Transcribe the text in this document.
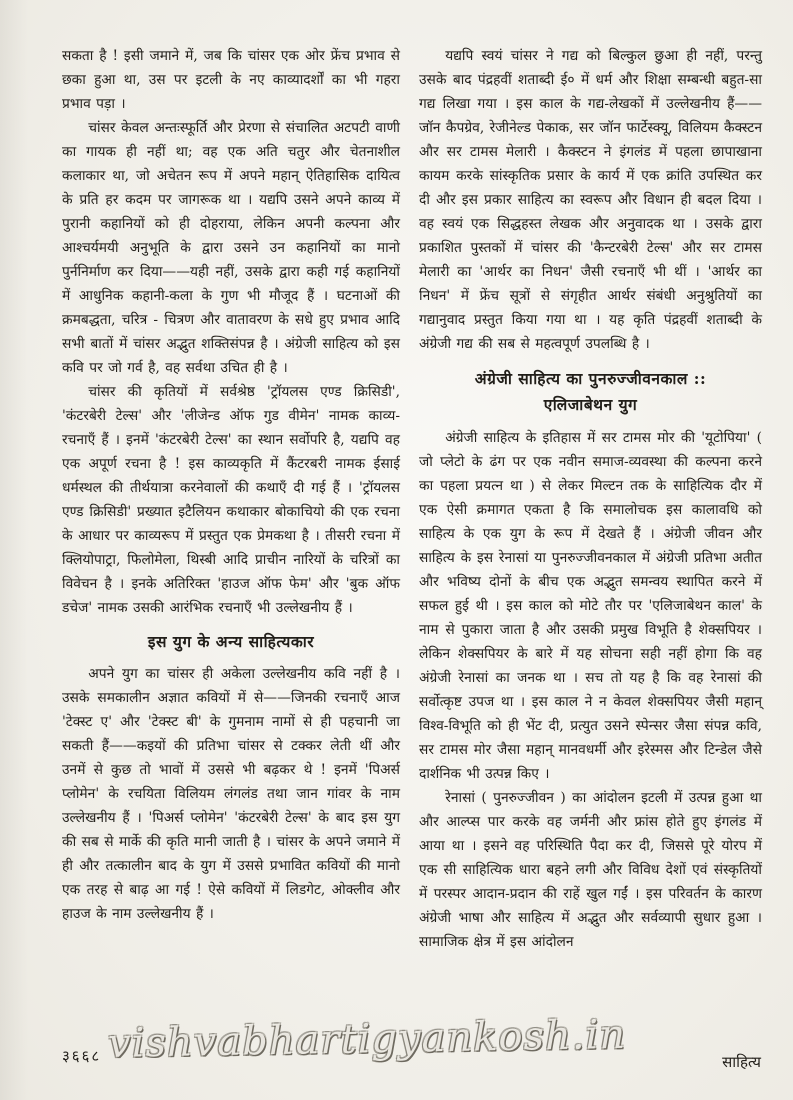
सकता है ! इसी जमाने में, जब कि चांसर एक ओर फ्रेंच प्रभाव से छका हुआ था, उस पर इटली के नए काव्यादर्शों का भी गहरा प्रभाव पड़ा ।

चांसर केवल अन्तःस्फूर्ति और प्रेरणा से संचालित अटपटी वाणी का गायक ही नहीं था; वह एक अति चतुर और चेतनाशील कलाकार था, जो अचेतन रूप में अपने महान् ऐतिहासिक दायित्व के प्रति हर कदम पर जागरूक था । यद्यपि उसने अपने काव्य में पुरानी कहानियों को ही दोहराया, लेकिन अपनी कल्पना और आश्चर्यमयी अनुभूति के द्वारा उसने उन कहानियों का मानो पुर्ननिर्माण कर दिया——यही नहीं, उसके द्वारा कही गई कहानियों में आधुनिक कहानी-कला के गुण भी मौजूद हैं । घटनाओं की क्रमबद्धता, चरित्र - चित्रण और वातावरण के सधे हुए प्रभाव आदि सभी बातों में चांसर अद्भुत शक्तिसंपन्न है । अंग्रेजी साहित्य को इस कवि पर जो गर्व है, वह सर्वथा उचित ही है ।

चांसर की कृतियों में सर्वश्रेष्ठ 'ट्रॉयलस एण्ड क्रिसिडी', 'कंटरबेरी टेल्स' और 'लीजेन्ड ऑफ गुड वीमेन' नामक काव्य-रचनाएँ हैं । इनमें 'कंटरबेरी टेल्स' का स्थान सर्वोपरि है, यद्यपि वह एक अपूर्ण रचना है ! इस काव्यकृति में कैंटरबरी नामक ईसाई धर्मस्थल की तीर्थयात्रा करनेवालों की कथाएँ दी गई हैं । 'ट्रॉयलस एण्ड क्रिसिडी' प्रख्यात इटैलियन कथाकार बोकाचियो की एक रचना के आधार पर काव्यरूप में प्रस्तुत एक प्रेमकथा है । तीसरी रचना में क्लियोपाट्रा, फिलोमेला, थिस्बी आदि प्राचीन नारियों के चरित्रों का विवेचन है । इनके अतिरिक्त 'हाउज ऑफ फेम' और 'बुक ऑफ डचेज' नामक उसकी आरंभिक रचनाएँ भी उल्लेखनीय हैं ।

इस युग के अन्य साहित्यकार

अपने युग का चांसर ही अकेला उल्लेखनीय कवि नहीं है । उसके समकालीन अज्ञात कवियों में से——जिनकी रचनाएँ आज 'टेक्स्ट ए' और 'टेक्स्ट बी' के गुमनाम नामों से ही पहचानी जा सकती हैं——कइयों की प्रतिभा चांसर से टक्कर लेती थीं और उनमें से कुछ तो भावों में उससे भी बढ़कर थे ! इनमें 'पिअर्स प्लोमेन' के रचयिता विलियम लंगलंड तथा जान गांवर के नाम उल्लेखनीय हैं । 'पिअर्स प्लोमेन' 'कंटरबेरी टेल्स' के बाद इस युग की सब से मार्के की कृति मानी जाती है । चांसर के अपने जमाने में ही और तत्कालीन बाद के युग में उससे प्रभावित कवियों की मानो एक तरह से बाढ़ आ गई ! ऐसे कवियों में लिडगेट, ओक्लीव और हाउज के नाम उल्लेखनीय हैं ।

यद्यपि स्वयं चांसर ने गद्य को बिल्कुल छुआ ही नहीं, परन्तु उसके बाद पंद्रहवीं शताब्दी ई० में धर्म और शिक्षा सम्बन्धी बहुत-सा गद्य लिखा गया । इस काल के गद्य-लेखकों में उल्लेखनीय हैं——जॉन कैपग्रेव, रेजीनेल्ड पेकाक, सर जॉन फार्टेस्क्यू, विलियम कैक्स्टन और सर टामस मेलारी । कैक्स्टन ने इंगलंड में पहला छापाखाना कायम करके सांस्कृतिक प्रसार के कार्य में एक क्रांति उपस्थित कर दी और इस प्रकार साहित्य का स्वरूप और विधान ही बदल दिया । वह स्वयं एक सिद्धहस्त लेखक और अनुवादक था । उसके द्वारा प्रकाशित पुस्तकों में चांसर की 'कैन्टरबेरी टेल्स' और सर टामस मेलारी का 'आर्थर का निधन' जैसी रचनाएँ भी थीं । 'आर्थर का निधन' में फ्रेंच सूत्रों से संगृहीत आर्थर संबंधी अनुश्रुतियों का गद्यानुवाद प्रस्तुत किया गया था । यह कृति पंद्रहवीं शताब्दी के अंग्रेजी गद्य की सब से महत्वपूर्ण उपलब्धि है ।

अंग्रेजी साहित्य का पुनरुज्जीवनकाल ::
एलिजाबेथन युग

अंग्रेजी साहित्य के इतिहास में सर टामस मोर की 'यूटोपिया' ( जो प्लेटो के ढंग पर एक नवीन समाज-व्यवस्था की कल्पना करने का पहला प्रयत्न था ) से लेकर मिल्टन तक के साहित्यिक दौर में एक ऐसी क्रमागत एकता है कि समालोचक इस कालावधि को साहित्य के एक युग के रूप में देखते हैं । अंग्रेजी जीवन और साहित्य के इस रेनासां या पुनरुज्जीवनकाल में अंग्रेजी प्रतिभा अतीत और भविष्य दोनों के बीच एक अद्भुत समन्वय स्थापित करने में सफल हुई थी । इस काल को मोटे तौर पर 'एलिजाबेथन काल' के नाम से पुकारा जाता है और उसकी प्रमुख विभूति है शेक्सपियर । लेकिन शेक्सपियर के बारे में यह सोचना सही नहीं होगा कि वह अंग्रेजी रेनासां का जनक था । सच तो यह है कि वह रेनासां की सर्वोत्कृष्ट उपज था । इस काल ने न केवल शेक्सपियर जैसी महान् विश्व-विभूति को ही भेंट दी, प्रत्युत उसने स्पेन्सर जैसा संपन्न कवि, सर टामस मोर जैसा महान् मानवधर्मी और इरेस्मस और टिन्डेल जैसे दार्शनिक भी उत्पन्न किए ।

रेनासां ( पुनरुज्जीवन ) का आंदोलन इटली में उत्पन्न हुआ था और आल्प्स पार करके वह जर्मनी और फ्रांस होते हुए इंगलंड में आया था । इसने वह परिस्थिति पैदा कर दी, जिससे पूरे योरप में एक सी साहित्यिक धारा बहने लगी और विविध देशों एवं संस्कृतियों में परस्पर आदान-प्रदान की राहें खुल गईं । इस परिवर्तन के कारण अंग्रेजी भाषा और साहित्य में अद्भुत और सर्वव्यापी सुधार हुआ । सामाजिक क्षेत्र में इस आंदोलन

vishvabhartigyankosh.in
३६६८	साहित्य
